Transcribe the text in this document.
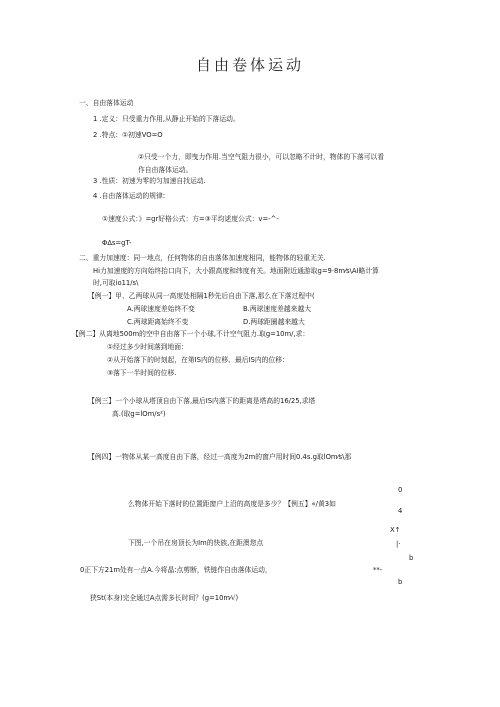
自由卷体运动
一、自由落体运动
1 .定义：只受重力作用,从静止开始的下落运动。
2 .特点：①初速VO=O
②只受一个力，即曳力作用.当空气阻力很小，可以忽略不计时，物体的下落可以看
作自由落体运动。
3 .性质：初速为零的匀加速自找运动.
4 .自由落体运动的规律:
①速度公式：》=gr好格公式：方=③平均逑度公式：v=-^-
Φ∆s=gT-
二、重力加速度：同一地点，任何物体的自由落体加速度相同，能物体的轻重无关.
Hi力加速度的方向始终抬口向下，大小跟高度和纬度有关。地面附近通游取g=9·8m⁄s\AI略计算
时,可取io11∕s\
【例一】甲、乙两球从同一高度处相隔1秒先后自由下落,那么在下落过程中(
A.两球速度差始终不变	B.两球速度差越来越大
C.两球距离始终不变	D.两球距圈越来越大
【例二】从离地500m的空中自由落下一个小球,不计空气阻力.取g=10m∕,求：
①经过多少时间落到地面：
②从开始落下的时刻起，在第IS内的位移、最后IS内的位移：
③落下一半时间的位移.
【例三】一个小球从塔顶自由下落,最后IS内落下的距离是塔高的16/25,求塔
高.(取g=lOm/s²)
【例四】一物体从某一高度自由下落，经过一高度为2m的窗户用时间0.4s.g取lOm⁄s\那
么物体开始下落时的位置距窗户上沿的高度是多少？【例五】«∕黄3如
下图,一个吊在房顶长为Im的快族,在距澳您点
0正下方21m处有一点A.今将晶:点剪断，铁链作自由落体运动，
狭St(本身)完全通过A点需多长时间？(g=10m⁄√)
0
4
X↑
|·
b
**-
b
